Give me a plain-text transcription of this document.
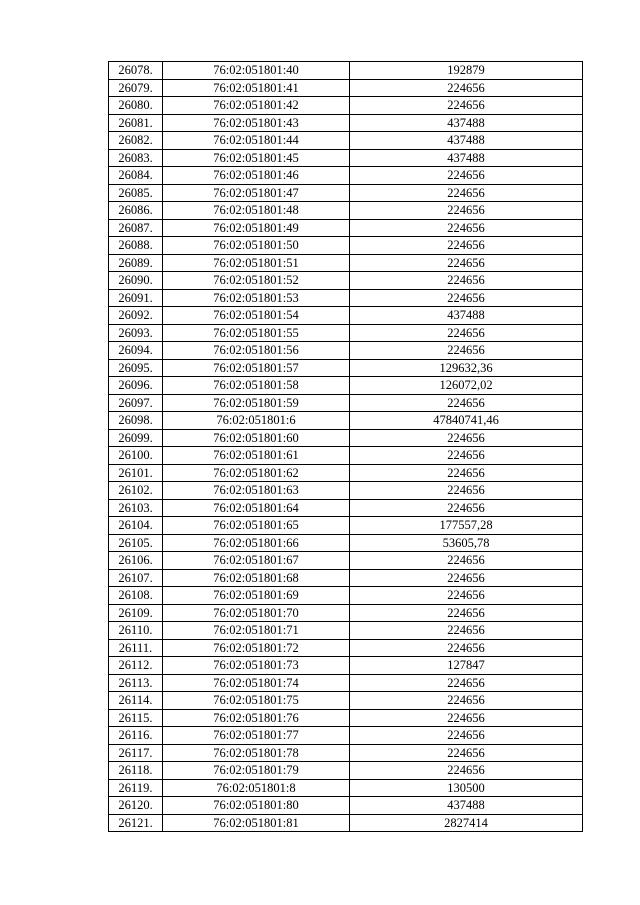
26078.	76:02:051801:40	192879
26079.	76:02:051801:41	224656
26080.	76:02:051801:42	224656
26081.	76:02:051801:43	437488
26082.	76:02:051801:44	437488
26083.	76:02:051801:45	437488
26084.	76:02:051801:46	224656
26085.	76:02:051801:47	224656
26086.	76:02:051801:48	224656
26087.	76:02:051801:49	224656
26088.	76:02:051801:50	224656
26089.	76:02:051801:51	224656
26090.	76:02:051801:52	224656
26091.	76:02:051801:53	224656
26092.	76:02:051801:54	437488
26093.	76:02:051801:55	224656
26094.	76:02:051801:56	224656
26095.	76:02:051801:57	129632,36
26096.	76:02:051801:58	126072,02
26097.	76:02:051801:59	224656
26098.	76:02:051801:6	47840741,46
26099.	76:02:051801:60	224656
26100.	76:02:051801:61	224656
26101.	76:02:051801:62	224656
26102.	76:02:051801:63	224656
26103.	76:02:051801:64	224656
26104.	76:02:051801:65	177557,28
26105.	76:02:051801:66	53605,78
26106.	76:02:051801:67	224656
26107.	76:02:051801:68	224656
26108.	76:02:051801:69	224656
26109.	76:02:051801:70	224656
26110.	76:02:051801:71	224656
26111.	76:02:051801:72	224656
26112.	76:02:051801:73	127847
26113.	76:02:051801:74	224656
26114.	76:02:051801:75	224656
26115.	76:02:051801:76	224656
26116.	76:02:051801:77	224656
26117.	76:02:051801:78	224656
26118.	76:02:051801:79	224656
26119.	76:02:051801:8	130500
26120.	76:02:051801:80	437488
26121.	76:02:051801:81	2827414
